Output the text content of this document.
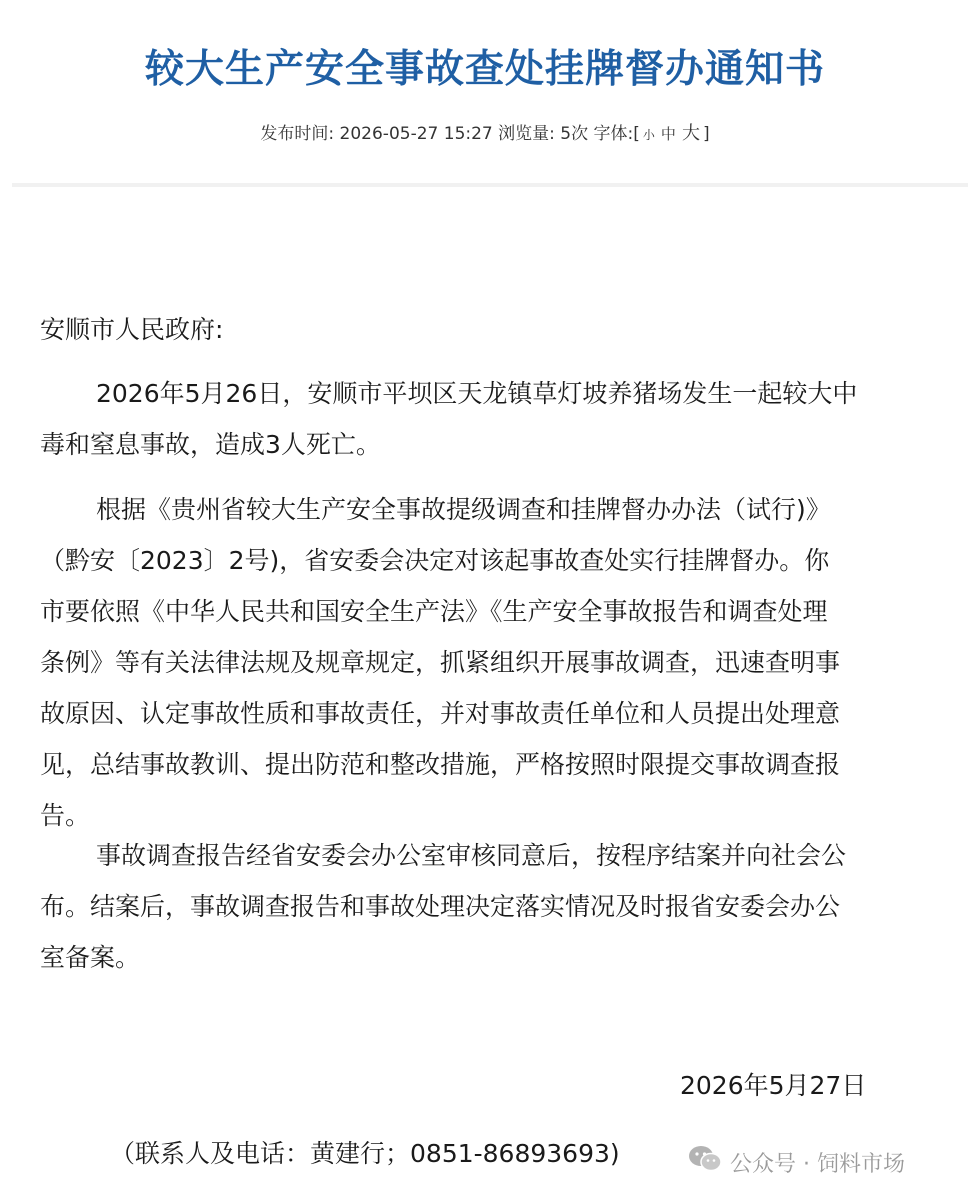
较大生产安全事故查处挂牌督办通知书
发布时间: 2026-05-27 15:27 浏览量: 5次 字体:[ 小 中 大 ]
安顺市人民政府:
2026年5月26日，安顺市平坝区天龙镇草灯坡养猪场发生一起较大中
毒和窒息事故，造成3人死亡。
根据《贵州省较大生产安全事故提级调查和挂牌督办办法（试行)》
（黔安〔2023〕2号)，省安委会决定对该起事故查处实行挂牌督办。你
市要依照《中华人民共和国安全生产法》《生产安全事故报告和调查处理
条例》等有关法律法规及规章规定，抓紧组织开展事故调查，迅速查明事
故原因、认定事故性质和事故责任，并对事故责任单位和人员提出处理意
见，总结事故教训、提出防范和整改措施，严格按照时限提交事故调查报
告。
事故调查报告经省安委会办公室审核同意后，按程序结案并向社会公
布。结案后，事故调查报告和事故处理决定落实情况及时报省安委会办公
室备案。
2026年5月27日
（联系人及电话：黄建行；0851-86893693)	公众号 · 饲料市场
